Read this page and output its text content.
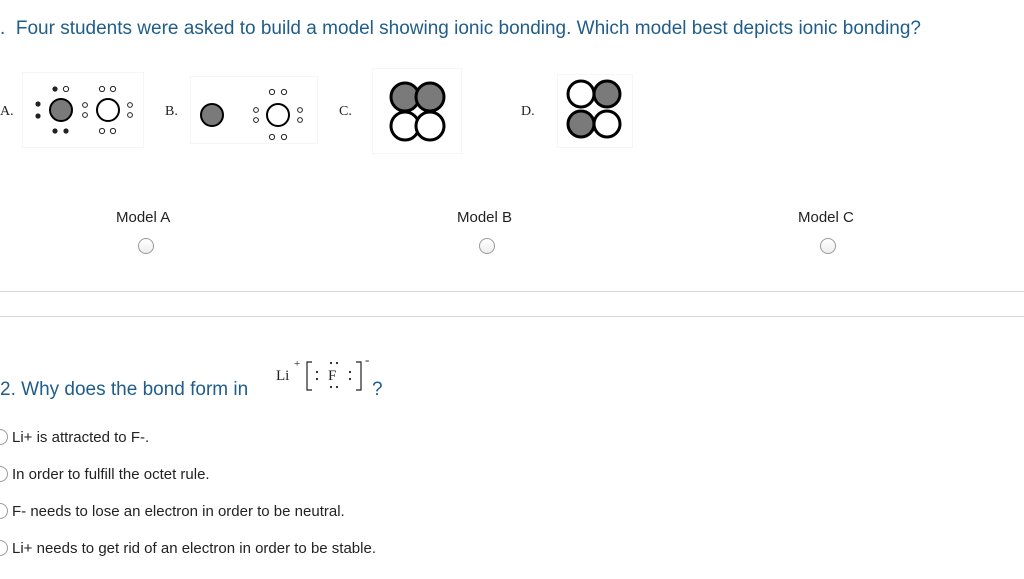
. Four students were asked to build a model showing ionic bonding. Which model best depicts ionic bonding?
A.	B.	C.	D.
Model A	Model B	Model C
2. Why does the bond form in
Li
+
F
-
?
Li+ is attracted to F-.
In order to fulfill the octet rule.
F- needs to lose an electron in order to be neutral.
Li+ needs to get rid of an electron in order to be stable.
